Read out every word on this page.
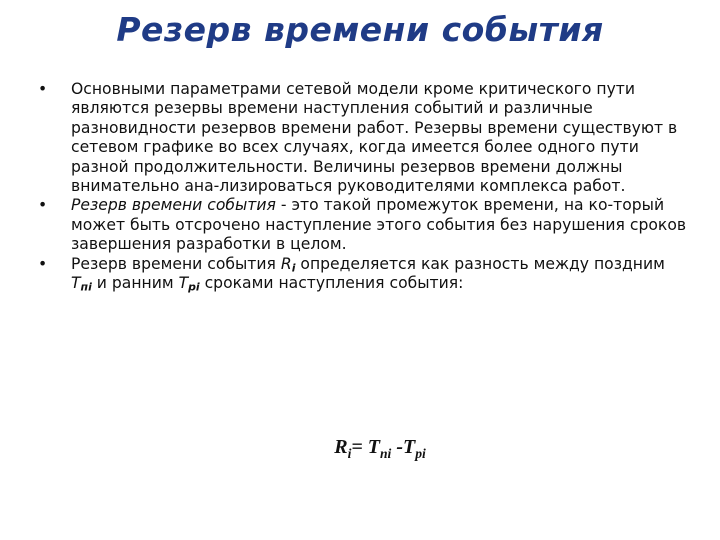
Резерв времени события

• Основными параметрами сетевой модели кроме критического пути являются резервы времени наступления событий и различные разновидности резервов времени работ. Резервы времени существуют в сетевом графике во всех случаях, когда имеется более одного пути разной продолжительности. Величины резервов времени должны внимательно ана-лизироваться руководителями комплекса работ.

• Резерв времени события - это такой промежуток времени, на ко-торый может быть отсрочено наступление этого события без нарушения сроков завершения разработки в целом.

• Резерв времени события $R_i$ определяется как разность между поздним $T_{пi}$ и ранним $T_{pi}$ сроками наступления события:

$R_i= T_{пi}$ $-T_{pi}$
